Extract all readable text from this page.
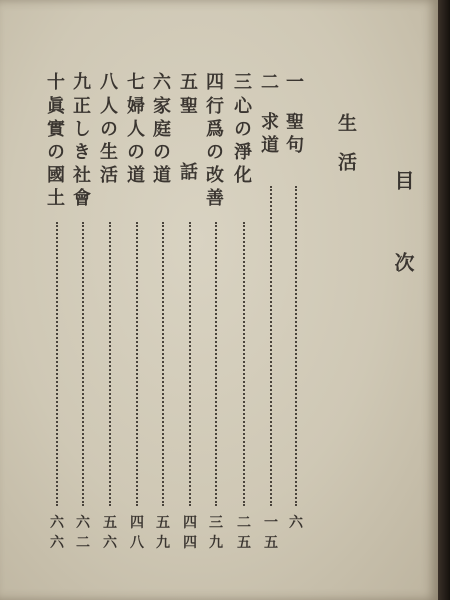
目次
生活
一
聖句
六
二
求道
一五
三
心の淨化
二五
四
行爲の改善
三九
五
聖話
四四
六
家庭の道
五九
七
婦人の道
四八
八
人の生活
五六
九
正しき社會
六二
十
眞實の國土
六六
